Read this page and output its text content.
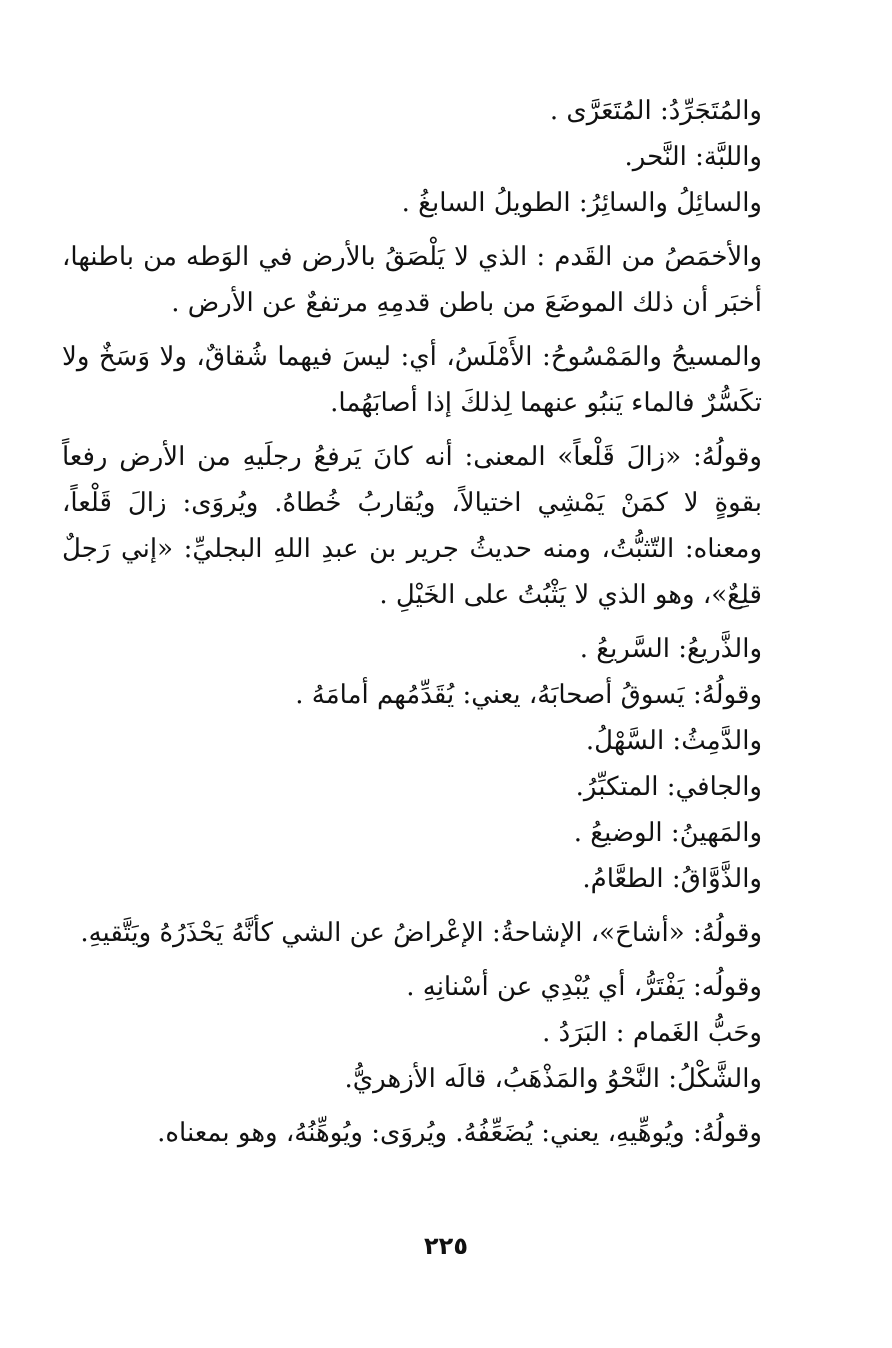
والمُتَجَرِّدُ: المُتَعَرَّى .

واللبَّة: النَّحر.

والسائِلُ والسائِرُ: الطويلُ السابغُ .

والأخمَصُ من القَدم : الذي لا يَلْصَقُ بالأرض في الوَطه من باطنها، أخبَر أن ذلك الموضَعَ من باطن قدمِهِ مرتفعٌ عن الأرض .

والمسيحُ والمَمْسُوحُ: الأَمْلَسُ، أي: ليسَ فيهما شُقاقٌ، ولا وَسَخٌ ولا تكَسُّرٌ فالماء يَنبُو عنهما لِذلكَ إذا أصابَهُما.

وقولُهُ: «زالَ قَلْعاً» المعنى: أنه كانَ يَرفعُ رجلَيهِ من الأرض رفعاً بقوةٍ لا كمَنْ يَمْشِي اختيالاً، ويُقاربُ خُطاهُ. ويُروَى: زالَ قَلْعاً، ومعناه: التّثبُّتُ، ومنه حديثُ جرير بن عبدِ اللهِ البجليِّ: «إني رَجلٌ قلِعٌ»، وهو الذي لا يَثْبُتُ على الخَيْلِ .

والذَّريعُ: السَّريعُ .

وقولُهُ: يَسوقُ أصحابَهُ، يعني: يُقَدِّمُهم أمامَهُ .

والدَّمِثُ: السَّهْلُ.

والجافي: المتكبِّرُ.

والمَهينُ: الوضيعُ .

والذَّوَّاقُ: الطعَّامُ.

وقولُهُ: «أشاحَ»، الإشاحةُ: الإعْراضُ عن الشي كأنَّهُ يَحْذَرُهُ ويَتَّقيهِ.

وقولُه: يَفْتَرُّ، أي يُبْدِي عن أسْنانِهِ .

وحَبُّ الغَمام : البَرَدُ .

والشَّكْلُ: النَّحْوُ والمَذْهَبُ، قالَه الأزهريُّ.

وقولُهُ: ويُوهِّيهِ، يعني: يُضَعِّفُهُ. ويُروَى: ويُوهِّنُهُ، وهو بمعناه.

٢٢٥
